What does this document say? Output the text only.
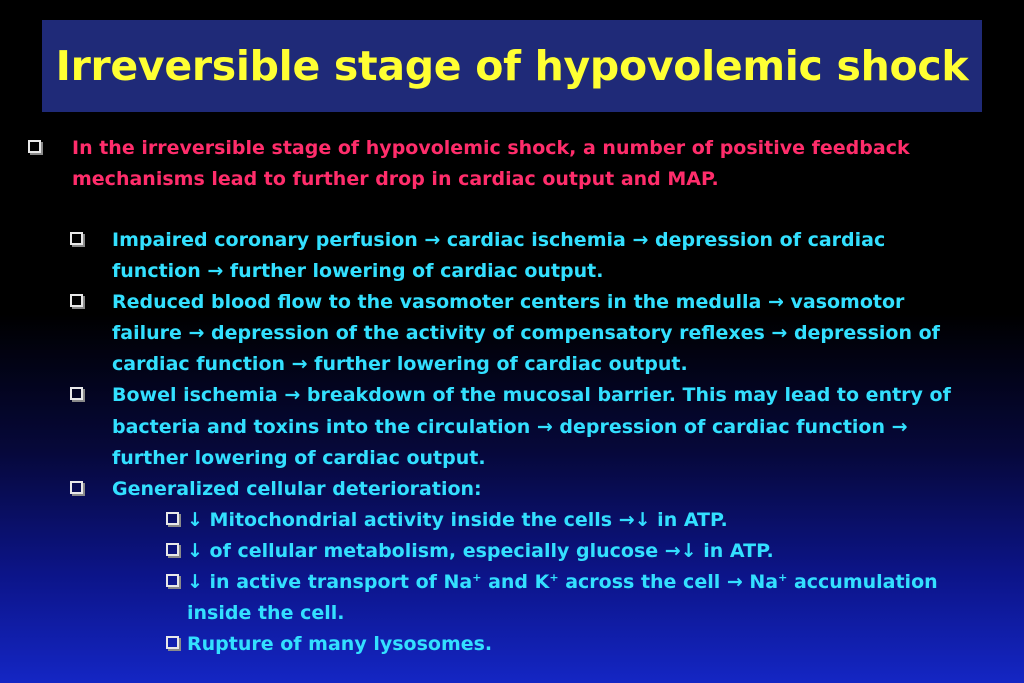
Irreversible stage of hypovolemic shock
In the irreversible stage of hypovolemic shock, a number of positive feedback mechanisms lead to further drop in cardiac output and MAP.
Impaired coronary perfusion → cardiac ischemia → depression of cardiac function → further lowering of cardiac output.
Reduced blood flow to the vasomoter centers in the medulla → vasomotor failure → depression of the activity of compensatory reflexes → depression of cardiac function → further lowering of cardiac output.
Bowel ischemia → breakdown of the mucosal barrier. This may lead to entry of bacteria and toxins into the circulation → depression of cardiac function → further lowering of cardiac output.
Generalized cellular deterioration:
↓ Mitochondrial activity inside the cells →↓ in ATP.
↓ of cellular metabolism, especially glucose →↓ in ATP.
↓ in active transport of Na+ and K+ across the cell → Na+ accumulation inside the cell.
Rupture of many lysosomes.
